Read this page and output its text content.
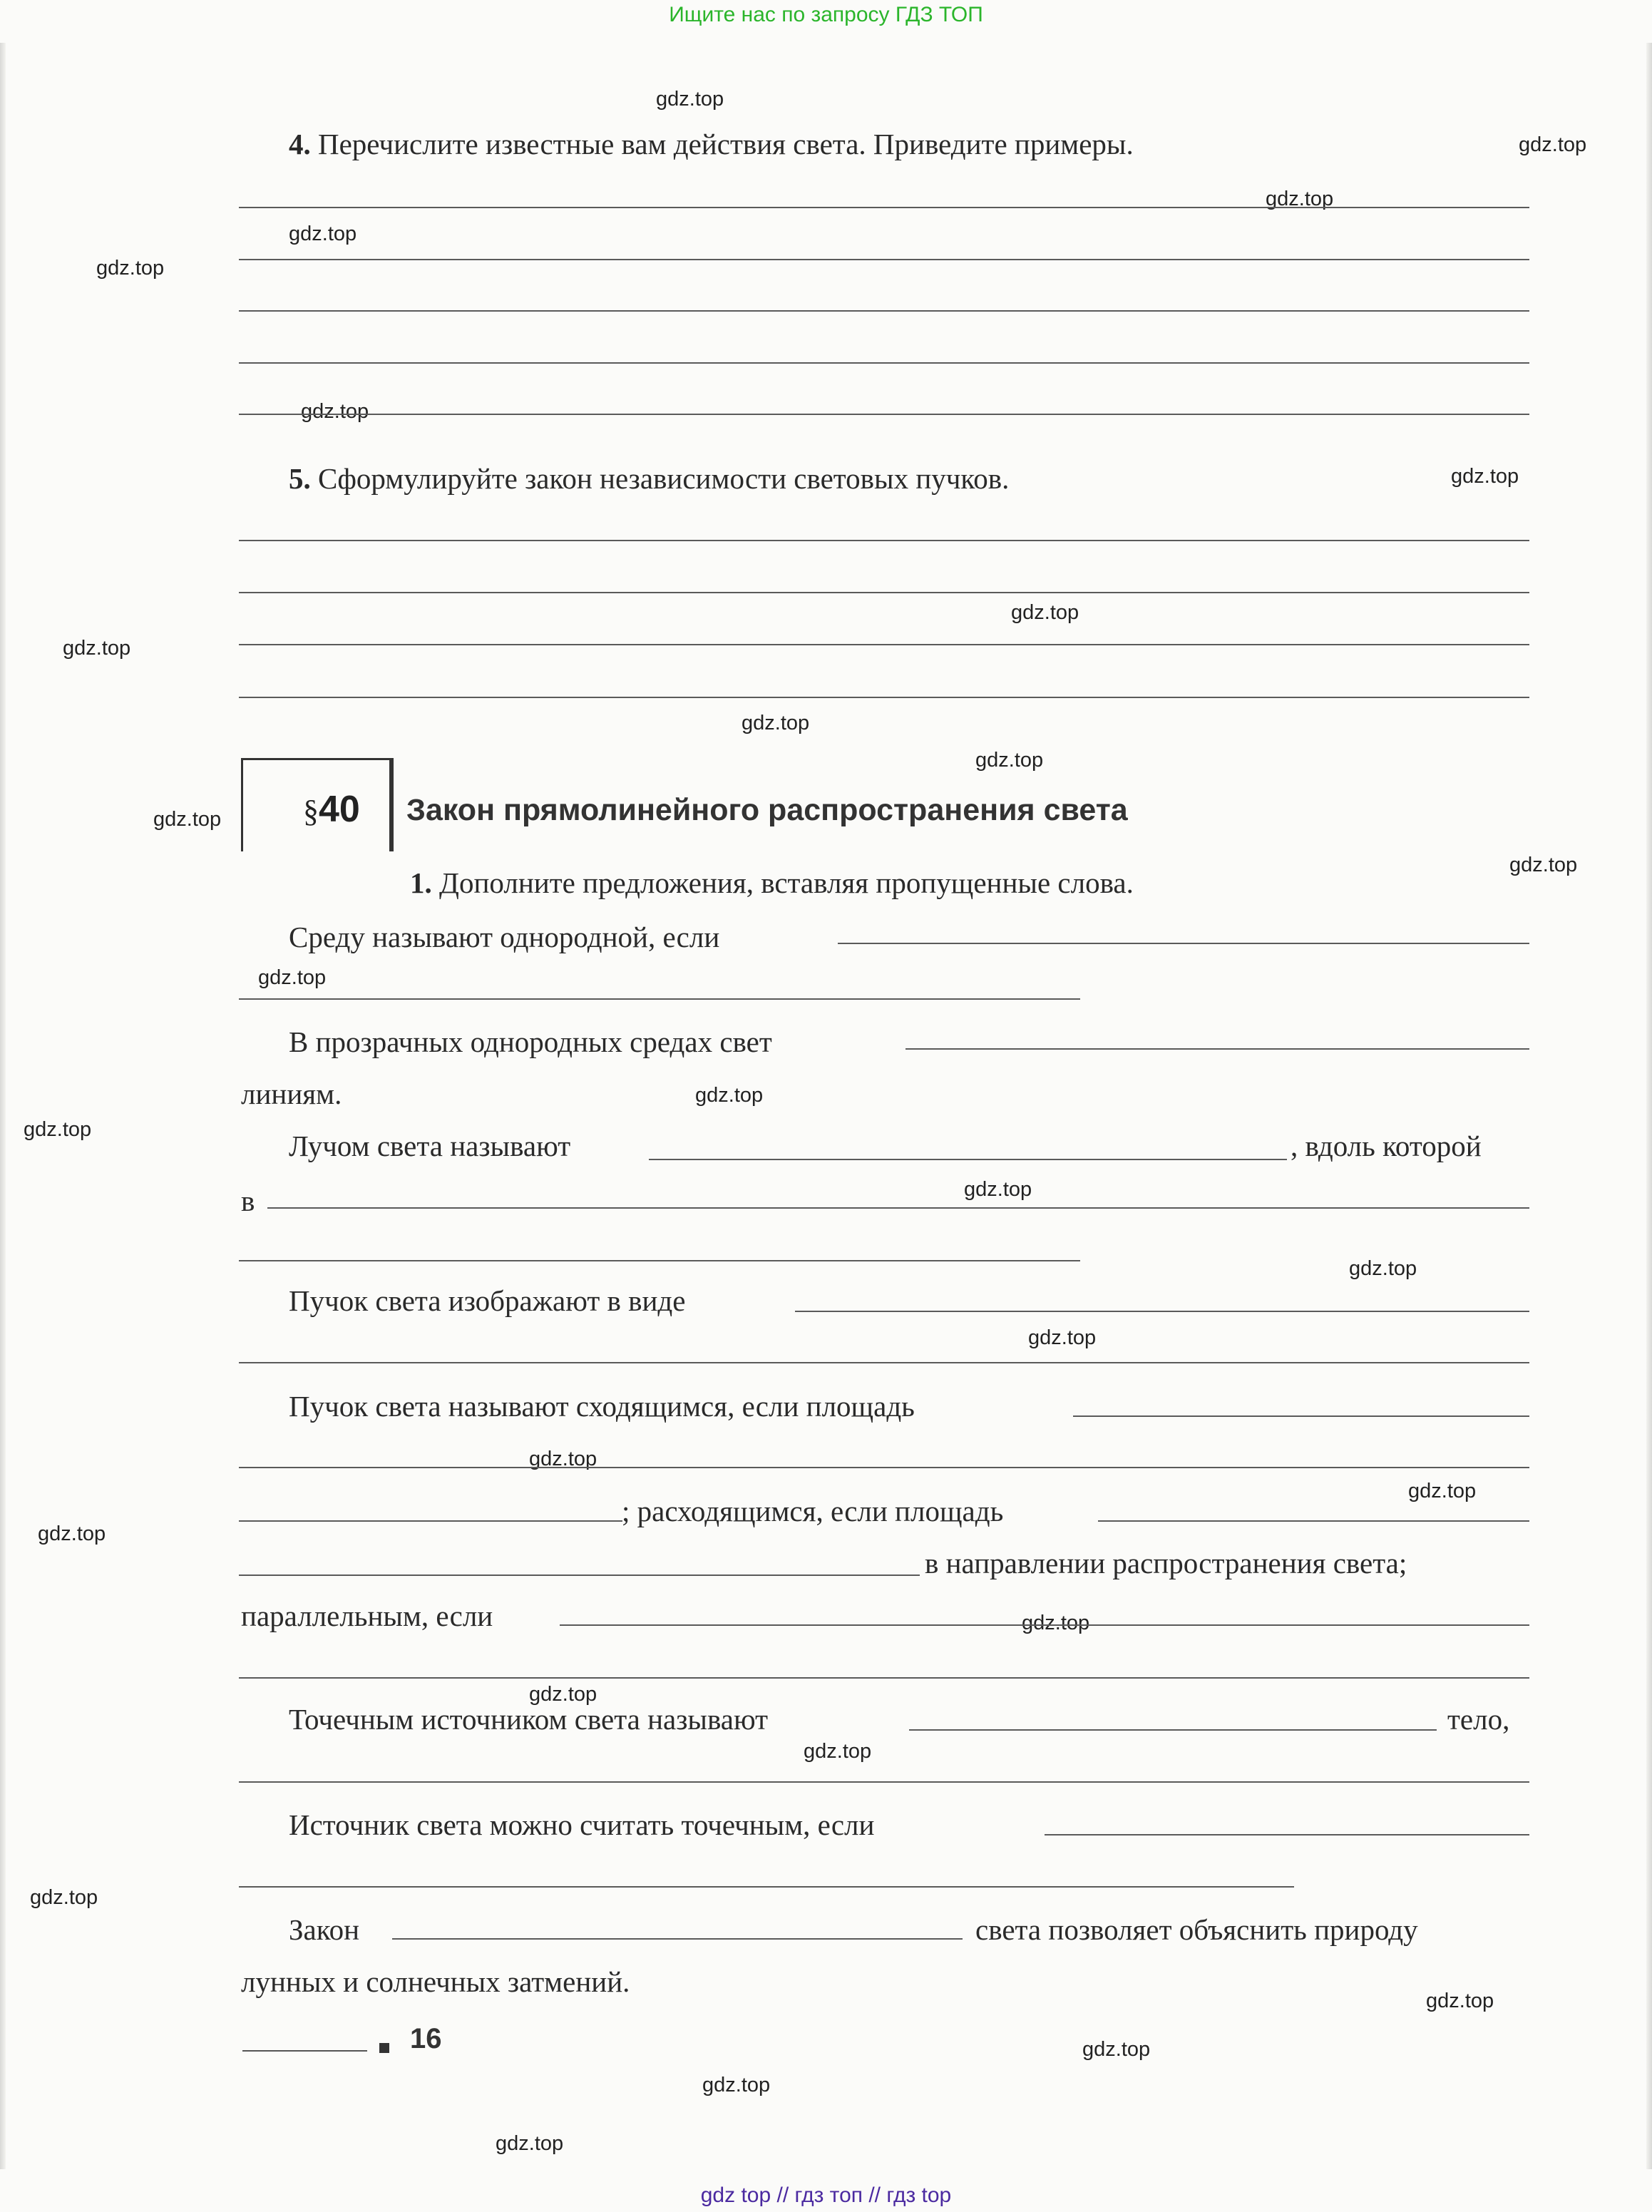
Ищите нас по запросу ГДЗ ТОП
gdz top // гдз топ // гдз top
gdz.top
gdz.top
gdz.top
gdz.top
gdz.top
gdz.top
gdz.top
gdz.top
gdz.top
gdz.top
gdz.top
gdz.top
gdz.top
gdz.top
gdz.top
gdz.top
gdz.top
gdz.top
gdz.top
gdz.top
gdz.top
gdz.top
gdz.top
gdz.top
gdz.top
gdz.top
gdz.top
gdz.top
gdz.top
gdz.top
4. Перечислите известные вам действия света. Приведите примеры.
5. Сформулируйте закон независимости световых пучков.
§40 Закон прямолинейного распространения света
1. Дополните предложения, вставляя пропущенные слова.
Среду называют однородной, если
В прозрачных однородных средах свет
линиям.
Лучом света называют	, вдоль которой
в
Пучок света изображают в виде
Пучок света называют сходящимся, если площадь
; расходящимся, если площадь
в направлении распространения света;
параллельным, если
Точечным источником света называют	тело,
Источник света можно считать точечным, если
Закон	света позволяет объяснить природу
лунных и солнечных затмений.
16
